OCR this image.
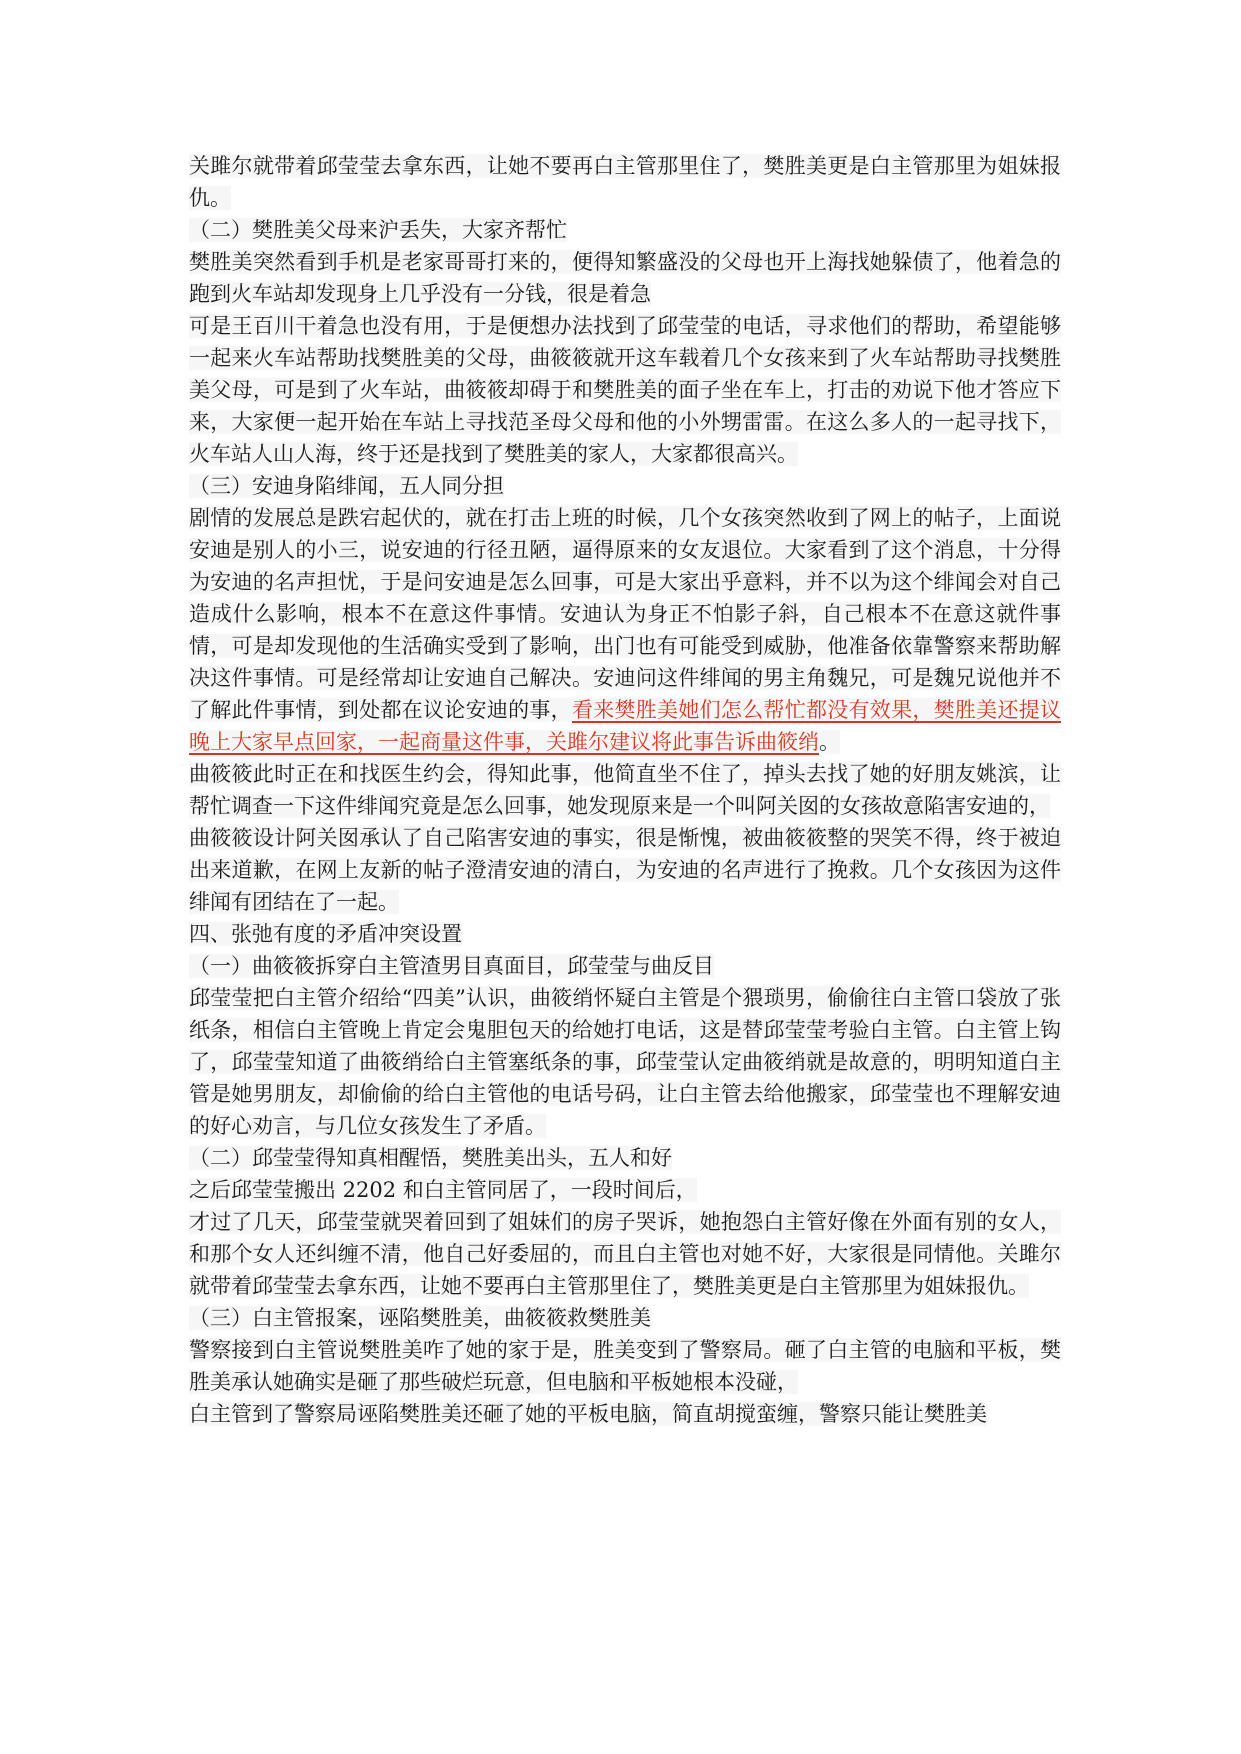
关雎尔就带着邱莹莹去拿东西，让她不要再白主管那里住了，樊胜美更是白主管那里为姐妹报仇。

（二）樊胜美父母来沪丢失，大家齐帮忙

樊胜美突然看到手机是老家哥哥打来的，便得知繁盛没的父母也开上海找她躲债了，他着急的跑到火车站却发现身上几乎没有一分钱，很是着急

可是王百川干着急也没有用，于是便想办法找到了邱莹莹的电话，寻求他们的帮助，希望能够一起来火车站帮助找樊胜美的父母，曲筱筱就开这车载着几个女孩来到了火车站帮助寻找樊胜美父母，可是到了火车站，曲筱筱却碍于和樊胜美的面子坐在车上，打击的劝说下他才答应下来，大家便一起开始在车站上寻找范圣母父母和他的小外甥雷雷。在这么多人的一起寻找下，火车站人山人海，终于还是找到了樊胜美的家人，大家都很高兴。

（三）安迪身陷绯闻，五人同分担

剧情的发展总是跌宕起伏的，就在打击上班的时候，几个女孩突然收到了网上的帖子，上面说安迪是别人的小三，说安迪的行径丑陋，逼得原来的女友退位。大家看到了这个消息，十分得为安迪的名声担忧，于是问安迪是怎么回事，可是大家出乎意料，并不以为这个绯闻会对自己造成什么影响，根本不在意这件事情。安迪认为身正不怕影子斜，自己根本不在意这就件事情，可是却发现他的生活确实受到了影响，出门也有可能受到威胁，他准备依靠警察来帮助解决这件事情。可是经常却让安迪自己解决。安迪问这件绯闻的男主角魏兄，可是魏兄说他并不了解此件事情，到处都在议论安迪的事，看来樊胜美她们怎么帮忙都没有效果，樊胜美还提议晚上大家早点回家，一起商量这件事，关雎尔建议将此事告诉曲筱绡。

曲筱筱此时正在和找医生约会，得知此事，他简直坐不住了，掉头去找了她的好朋友姚滨，让帮忙调查一下这件绯闻究竟是怎么回事，她发现原来是一个叫阿关囡的女孩故意陷害安迪的，

曲筱筱设计阿关囡承认了自己陷害安迪的事实，很是惭愧，被曲筱筱整的哭笑不得，终于被迫出来道歉，在网上友新的帖子澄清安迪的清白，为安迪的名声进行了挽救。几个女孩因为这件绯闻有团结在了一起。

四、张弛有度的矛盾冲突设置

（一）曲筱筱拆穿白主管渣男目真面目，邱莹莹与曲反目

邱莹莹把白主管介绍给“四美”认识，曲筱绡怀疑白主管是个猥琐男，偷偷往白主管口袋放了张纸条，相信白主管晚上肯定会鬼胆包天的给她打电话，这是替邱莹莹考验白主管。白主管上钩了，邱莹莹知道了曲筱绡给白主管塞纸条的事，邱莹莹认定曲筱绡就是故意的，明明知道白主管是她男朋友，却偷偷的给白主管他的电话号码，让白主管去给他搬家，邱莹莹也不理解安迪的好心劝言，与几位女孩发生了矛盾。

（二）邱莹莹得知真相醒悟，樊胜美出头，五人和好

之后邱莹莹搬出 2202 和白主管同居了，一段时间后，

才过了几天，邱莹莹就哭着回到了姐妹们的房子哭诉，她抱怨白主管好像在外面有别的女人，和那个女人还纠缠不清，他自己好委屈的，而且白主管也对她不好，大家很是同情他。关雎尔就带着邱莹莹去拿东西，让她不要再白主管那里住了，樊胜美更是白主管那里为姐妹报仇。

（三）白主管报案，诬陷樊胜美，曲筱筱救樊胜美

警察接到白主管说樊胜美咋了她的家于是，胜美变到了警察局。砸了白主管的电脑和平板，樊胜美承认她确实是砸了那些破烂玩意，但电脑和平板她根本没碰，

白主管到了警察局诬陷樊胜美还砸了她的平板电脑，简直胡搅蛮缠，警察只能让樊胜美
